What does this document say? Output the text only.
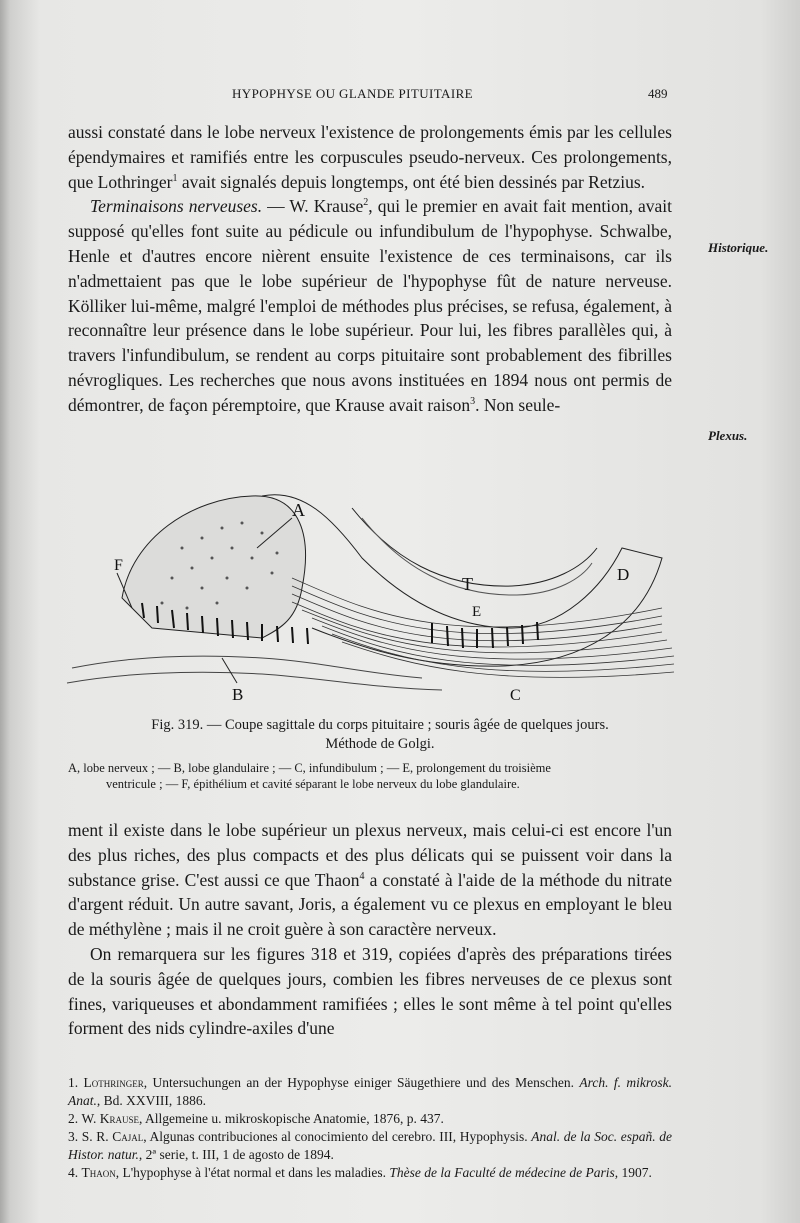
HYPOPHYSE OU GLANDE PITUITAIRE	489

aussi constaté dans le lobe nerveux l'existence de prolongements émis par les cellules épendymaires et ramifiés entre les corpuscules pseudo-nerveux. Ces prolongements, que Lothringer$^1$ avait signalés depuis longtemps, ont été bien dessinés par Retzius.

Terminaisons nerveuses. — W. Krause$^2$, qui le premier en avait fait mention, avait supposé qu'elles font suite au pédicule ou infundibulum de l'hypophyse. Schwalbe, Henle et d'autres encore nièrent ensuite l'existence de ces terminaisons, car ils n'admettaient pas que le lobe supérieur de l'hypophyse fût de nature nerveuse. Kölliker lui-même, malgré l'emploi de méthodes plus précises, se refusa, également, à reconnaître leur présence dans le lobe supérieur. Pour lui, les fibres parallèles qui, à travers l'infundibulum, se rendent au corps pituitaire sont probablement des fibrilles névrogliques. Les recherches que nous avons instituées en 1894 nous ont permis de démontrer, de façon péremptoire, que Krause avait raison$^3$. Non seule-

Historique.
Plexus.
A
F
T
E
D
B	C
Fig. 319. — Coupe sagittale du corps pituitaire ; souris âgée de quelques jours.
Méthode de Golgi.

A, lobe nerveux ; — B, lobe glandulaire ; — C, infundibulum ; — E, prolongement du troisième

ventricule ; — F, épithélium et cavité séparant le lobe nerveux du lobe glandulaire.

ment il existe dans le lobe supérieur un plexus nerveux, mais celui-ci est encore l'un des plus riches, des plus compacts et des plus délicats qui se puissent voir dans la substance grise. C'est aussi ce que Thaon$^4$ a constaté à l'aide de la méthode du nitrate d'argent réduit. Un autre savant, Joris, a également vu ce plexus en employant le bleu de méthylène ; mais il ne croit guère à son caractère nerveux.

On remarquera sur les figures 318 et 319, copiées d'après des préparations tirées de la souris âgée de quelques jours, combien les fibres nerveuses de ce plexus sont fines, variqueuses et abondamment ramifiées ; elles le sont même à tel point qu'elles forment des nids cylindre-axiles d'une

1. Lothringer, Untersuchungen an der Hypophyse einiger Säugethiere und des Menschen. Arch. f. mikrosk. Anat., Bd. XXVIII, 1886.

2. W. Krause, Allgemeine u. mikroskopische Anatomie, 1876, p. 437.

3. S. R. Cajal, Algunas contribuciones al conocimiento del cerebro. III, Hypophysis. Anal. de la Soc. españ. de Histor. natur., 2ª serie, t. III, 1 de agosto de 1894.

4. Thaon, L'hypophyse à l'état normal et dans les maladies. Thèse de la Faculté de médecine de Paris, 1907.
